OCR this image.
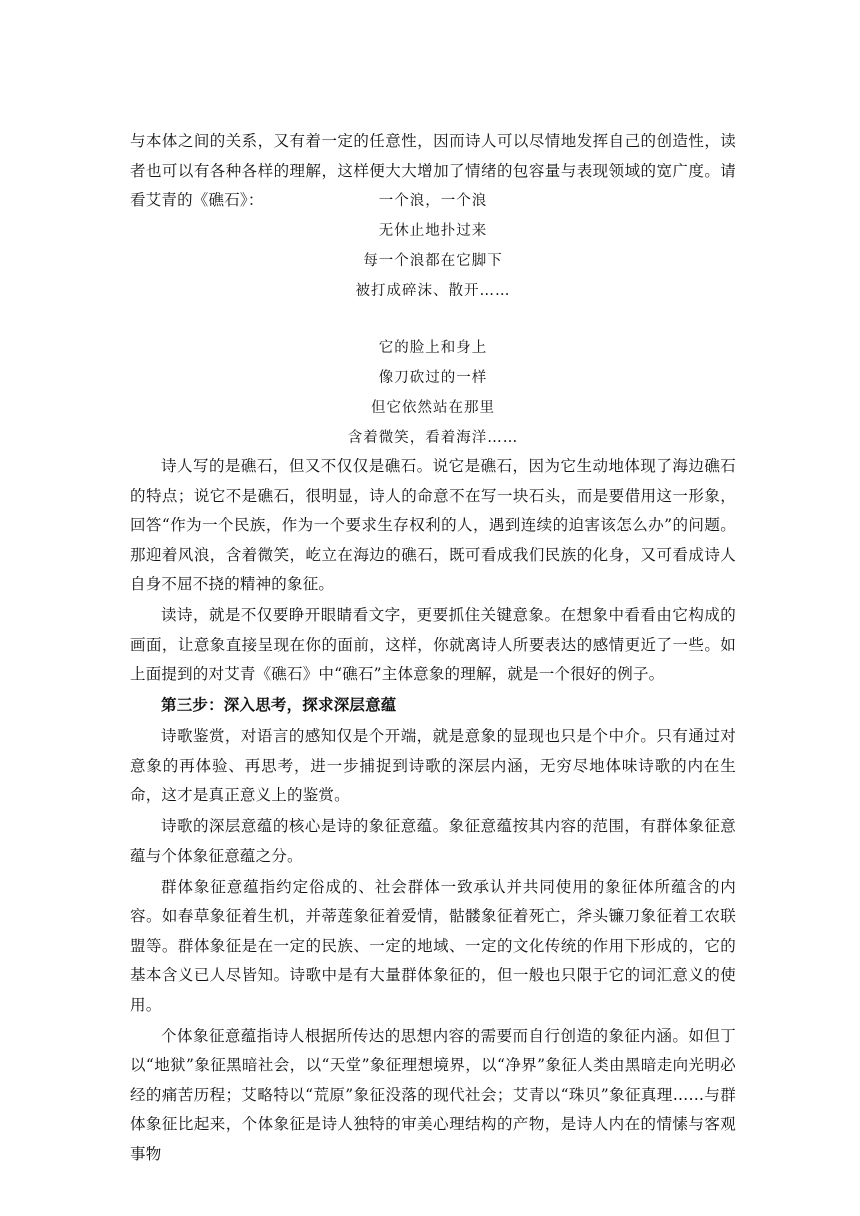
与本体之间的关系，又有着一定的任意性，因而诗人可以尽情地发挥自己的创造性，读者也可以有各种各样的理解，这样便大大增加了情绪的包容量与表现领域的宽广度。请看艾青的《礁石》：	一个浪，一个浪
无休止地扑过来
每一个浪都在它脚下
被打成碎沫、散开……
它的脸上和身上
像刀砍过的一样
但它依然站在那里
含着微笑，看着海洋……

诗人写的是礁石，但又不仅仅是礁石。说它是礁石，因为它生动地体现了海边礁石的特点；说它不是礁石，很明显，诗人的命意不在写一块石头，而是要借用这一形象，回答“作为一个民族，作为一个要求生存权利的人，遇到连续的迫害该怎么办”的问题。那迎着风浪，含着微笑，屹立在海边的礁石，既可看成我们民族的化身，又可看成诗人自身不屈不挠的精神的象征。

读诗，就是不仅要睁开眼睛看文字，更要抓住关键意象。在想象中看看由它构成的画面，让意象直接呈现在你的面前，这样，你就离诗人所要表达的感情更近了一些。如上面提到的对艾青《礁石》中“礁石”主体意象的理解，就是一个很好的例子。

第三步：深入思考，探求深层意蕴

诗歌鉴赏，对语言的感知仅是个开端，就是意象的显现也只是个中介。只有通过对意象的再体验、再思考，进一步捕捉到诗歌的深层内涵，无穷尽地体味诗歌的内在生命，这才是真正意义上的鉴赏。

诗歌的深层意蕴的核心是诗的象征意蕴。象征意蕴按其内容的范围，有群体象征意蕴与个体象征意蕴之分。

群体象征意蕴指约定俗成的、社会群体一致承认并共同使用的象征体所蕴含的内容。如春草象征着生机，并蒂莲象征着爱情，骷髅象征着死亡，斧头镰刀象征着工农联盟等。群体象征是在一定的民族、一定的地域、一定的文化传统的作用下形成的，它的基本含义已人尽皆知。诗歌中是有大量群体象征的，但一般也只限于它的词汇意义的使用。

个体象征意蕴指诗人根据所传达的思想内容的需要而自行创造的象征内涵。如但丁以“地狱”象征黑暗社会，以“天堂”象征理想境界，以“净界”象征人类由黑暗走向光明必经的痛苦历程；艾略特以“荒原”象征没落的现代社会；艾青以“珠贝”象征真理……与群体象征比起来，个体象征是诗人独特的审美心理结构的产物，是诗人内在的情愫与客观事物
